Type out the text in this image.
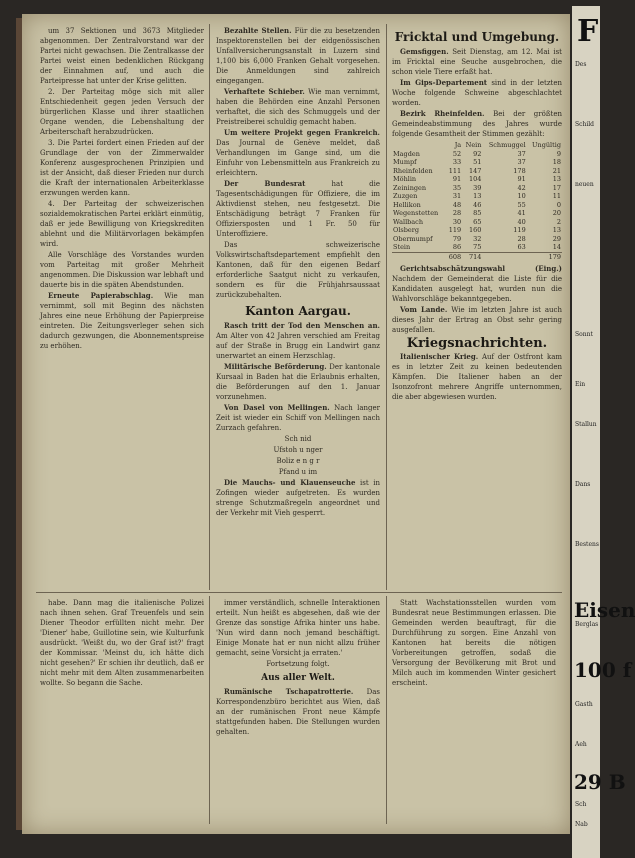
um 37 Sektionen und 3673 Mitglieder abgenommen. Der Zentralvorstand war der Partei nicht gewachsen. Die Zentralkasse der Partei weist einen bedenklichen Rückgang der Einnahmen auf, und auch die Parteipresse hat unter der Krise gelitten.

2. Der Parteitag möge sich mit aller Entschiedenheit gegen jeden Versuch der bürgerlichen Klasse und ihrer staatlichen Organe wenden, die Lebenshaltung der Arbeiterschaft herabzudrücken.

3. Die Partei fordert einen Frieden auf der Grundlage der von der Zimmerwalder Konferenz ausgesprochenen Prinzipien und ist der Ansicht, daß dieser Frieden nur durch die Kraft der internationalen Arbeiterklasse erzwungen werden kann.

4. Der Parteitag der schweizerischen sozialdemokratischen Partei erklärt einmütig, daß er jede Bewilligung von Kriegskrediten ablehnt und die Militärvorlagen bekämpfen wird.

Alle Vorschläge des Vorstandes wurden vom Parteitag mit großer Mehrheit angenommen. Die Diskussion war lebhaft und dauerte bis in die späten Abendstunden.

Erneute Papierabschlag. Wie man vernimmt, soll mit Beginn des nächsten Jahres eine neue Erhöhung der Papierpreise eintreten. Die Zeitungsverleger sehen sich dadurch gezwungen, die Abonnementspreise zu erhöhen.

Bezahlte Stellen. Für die zu besetzenden Inspektorenstellen bei der eidgenössischen Unfallversicherungsanstalt in Luzern sind 1,100 bis 6,000 Franken Gehalt vorgesehen. Die Anmeldungen sind zahlreich eingegangen.

Verhaftete Schieber. Wie man vernimmt, haben die Behörden eine Anzahl Personen verhaftet, die sich des Schmuggels und der Preistreiberei schuldig gemacht haben.

Um weitere Projekt gegen Frankreich. Das Journal de Genève meldet, daß Verhandlungen im Gange sind, um die Einfuhr von Lebensmitteln aus Frankreich zu erleichtern.

Der Bundesrat	hat die Tagesentschädigungen für Offiziere, die im Aktivdienst stehen, neu festgesetzt. Die Entschädigung beträgt 7 Franken für Offiziersposten und 1 Fr. 50 für Unteroffiziere.

Das schweizerische Volkswirtschaftsdepartement empfiehlt den Kantonen, daß für den eigenen Bedarf erforderliche Saatgut nicht zu verkaufen, sondern es für die Frühjahrsaussaat zurückzubehalten.

Kanton Aargau.

Rasch tritt der Tod den Menschen an. Am Alter von 42 Jahren verschied am Freitag auf der Straße in Brugg ein Landwirt ganz unerwartet an einem Herzschlag.

Militärische Beförderung. Der kantonale Kursaal in Baden hat die Erlaubnis erhalten, die Beförderungen auf den 1. Januar vorzunehmen.

Von Dasel von Mellingen. Nach langer Zeit ist wieder ein Schiff von Mellingen nach Zurzach gefahren.

Sch nid

Ufstoh u nger

Boliz e n g r

Pfand u im

Die Mauchs- und Klauenseuche ist in Zofingen wieder aufgetreten. Es wurden strenge Schutzmaßregeln angeordnet und der Verkehr mit Vieh gesperrt.

Fricktal und Umgebung.

Gemsfiggen. Seit Dienstag, am 12. Mai ist im Fricktal eine Seuche ausgebrochen, die schon viele Tiere erfaßt hat.

Im Gips-Departement sind in der letzten Woche folgende Schweine abgeschlachtet worden.

Bezirk Rheinfelden. Bei der größten Gemeindeabstimmung des Jahres wurde folgende Gesamtheit der Stimmen gezählt:

	Ja	Nein	Schmuggel	Ungültig
Magden	52	92	37	9
Mumpf	33	51	37	18
Rheinfelden	111	147	178	21
Möhlin	91	104	91	13
Zeiningen	35	39	42	17
Zuzgen	31	13	10	11
Hellikon	48	46	55	0
Wegenstetten	28	85	41	20
Wallbach	30	65	40	2
Olsberg	119	160	119	13
Obermumpf	79	32	28	29
Stein	86	75	63	14
	608	714		179

Gerichtsabschätzungswahl (Eing.) Nachdem der Gemeinderat die Liste für die Kandidaten ausgelegt hat, wurden nun die Wahlvorschläge bekanntgegeben.

Vom Lande. Wie im letzten Jahre ist auch dieses Jahr der Ertrag an Obst sehr gering ausgefallen.

Kriegsnachrichten.

Italienischer Krieg. Auf der Ostfront kam es in letzter Zeit zu keinen bedeutenden Kämpfen. Die Italiener haben an der Isonzofront mehrere Angriffe unternommen, die aber abgewiesen wurden.

habe. Dann mag die italienische Polizei nach ihnen sehen. Graf Treuenfels und sein Diener Theodor erfüllten nicht mehr. Der 'Diener' habe, Guillotine sein, wie Kulturfunk ausdrückt. 'Weißt du, wo der Graf ist?' fragt der Kommissar. 'Meinst du, ich hätte dich nicht gesehen?' Er schien ihr deutlich, daß er nicht mehr mit dem Alten zusammenarbeiten wollte. So begann die Sache.

immer verständlich, schnelle Interaktionen erteilt. Nun heißt es abgesehen, daß wie der Grenze das sonstige Afrika hinter uns habe. 'Nun wird dann noch jemand beschäftigt. Einige Monate hat er nun nicht allzu früher gemacht, seine Vorsicht ja erraten.'

Fortsetzung folgt.

Aus aller Welt.

Rumänische Tschapatrotterie. Das Korrespondenzbüro berichtet aus Wien, daß an der rumänischen Front neue Kämpfe stattgefunden haben. Die Stellungen wurden gehalten.

Statt Wachstationsstellen wurden vom Bundesrat neue Bestimmungen erlassen. Die Gemeinden werden beauftragt, für die Durchführung zu sorgen. Eine Anzahl von Kantonen hat bereits die nötigen Vorbereitungen getroffen, sodaß die Versorgung der Bevölkerung mit Brot und Milch auch im kommenden Winter gesichert erscheint.

F
Eisen
100 f
29 B
Des
Schild
neuen
Sonnt
Ein
Stallun
Dans
Bestens
Berglas
Gasth
Aeh
Sch
Nab
